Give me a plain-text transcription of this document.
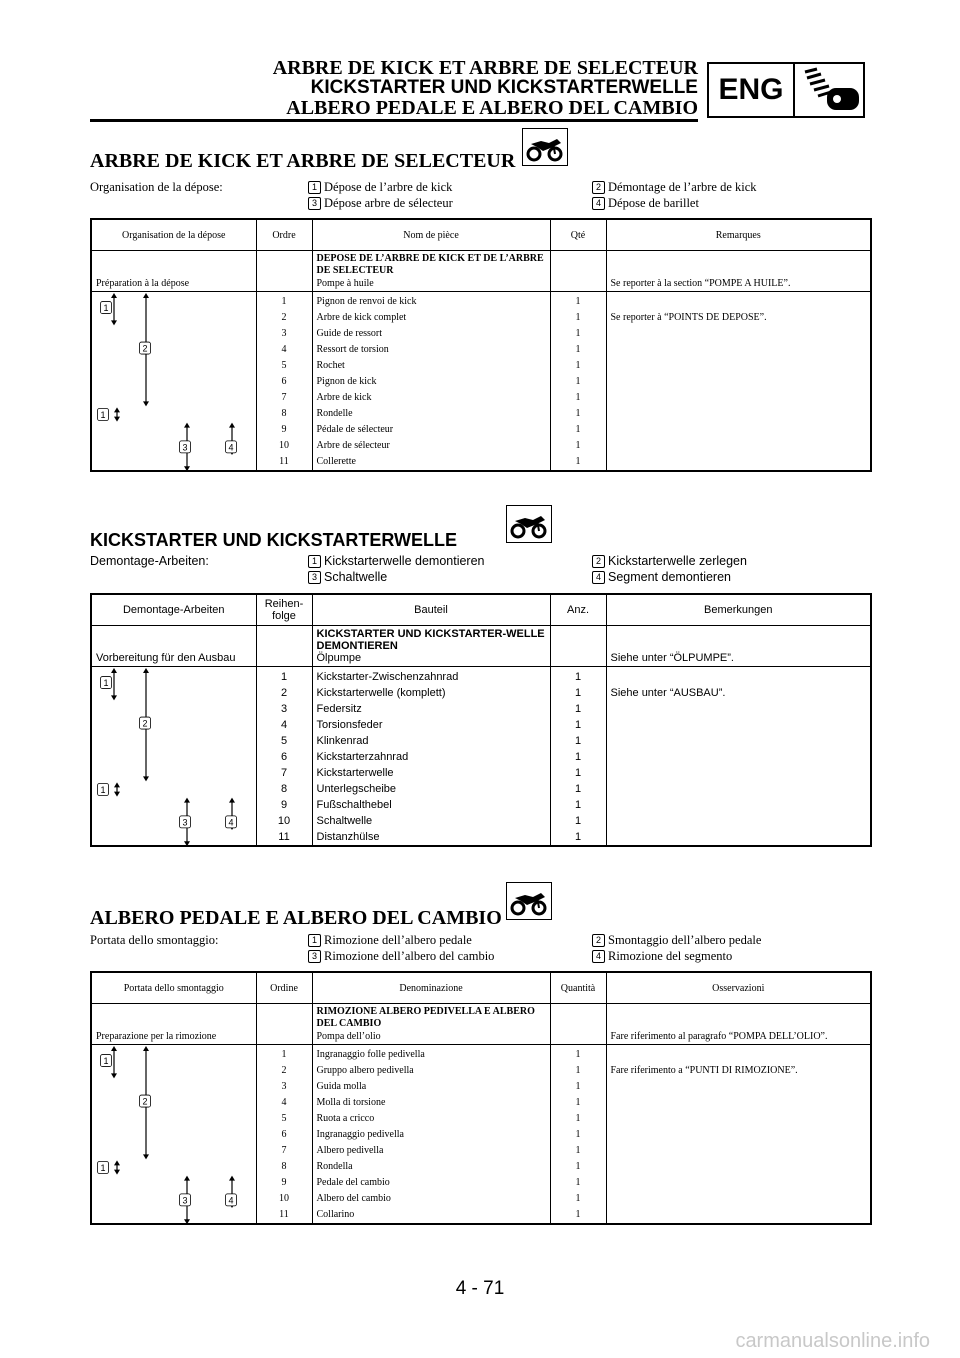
ARBRE DE KICK ET ARBRE DE SELECTEUR
KICKSTARTER UND KICKSTARTERWELLE
ALBERO PEDALE E ALBERO DEL CAMBIO
ENG
ARBRE DE KICK ET ARBRE DE SELECTEUR
Organisation de la dépose:	1 Dépose de l’arbre de kick	2 Démontage de l’arbre de kick
3 Dépose arbre de sélecteur	4 Dépose de barillet
Organisation de la dépose	Ordre	Nom de pièce	Qté	Remarques

Préparation à la dépose		DEPOSE DE L’ARBRE DE KICK ET DE L’ARBRE DE SELECTEUR
Pompe à huile		Se reporter à la section “POMPE A HUILE”.

	1	Pignon de renvoi de kick	1	
	2	Arbre de kick complet	1	Se reporter à “POINTS DE DEPOSE”.
	3	Guide de ressort	1	
	4	Ressort de torsion	1	
	5	Rochet	1	
	6	Pignon de kick	1	
	7	Arbre de kick	1	
	8	Rondelle	1	
	9	Pédale de sélecteur	1	
	10	Arbre de sélecteur	1	
	11	Collerette	1	
1
2
1
3	4
KICKSTARTER UND KICKSTARTERWELLE
Demontage-Arbeiten:	1 Kickstarterwelle demontieren	2 Kickstarterwelle zerlegen
3 Schaltwelle	4 Segment demontieren
Demontage-Arbeiten	Reihen-folge	Bauteil	Anz.	Bemerkungen

Vorbereitung für den Ausbau		KICKSTARTER UND KICKSTARTER-WELLE DEMONTIEREN
Ölpumpe		Siehe unter “ÖLPUMPE”.

	1	Kickstarter-Zwischenzahnrad	1	
	2	Kickstarterwelle (komplett)	1	Siehe unter “AUSBAU”.
	3	Federsitz	1	
	4	Torsionsfeder	1	
	5	Klinkenrad	1	
	6	Kickstarterzahnrad	1	
	7	Kickstarterwelle	1	
	8	Unterlegscheibe	1	
	9	Fußschalthebel	1	
	10	Schaltwelle	1	
	11	Distanzhülse	1	
1
2
1
3	4
ALBERO PEDALE E ALBERO DEL CAMBIO
Portata dello smontaggio:	1 Rimozione dell’albero pedale	2 Smontaggio dell’albero pedale
3 Rimozione dell’albero del cambio	4 Rimozione del segmento
Portata dello smontaggio	Ordine	Denominazione	Quantità	Osservazioni

Preparazione per la rimozione		RIMOZIONE ALBERO PEDIVELLA E ALBERO DEL CAMBIO
Pompa dell’olio		Fare riferimento al paragrafo “POMPA DELL’OLIO”.

	1	Ingranaggio folle pedivella	1	
	2	Gruppo albero pedivella	1	Fare riferimento a “PUNTI DI RIMOZIONE”.
	3	Guida molla	1	
	4	Molla di torsione	1	
	5	Ruota a cricco	1	
	6	Ingranaggio pedivella	1	
	7	Albero pedivella	1	
	8	Rondella	1	
	9	Pedale del cambio	1	
	10	Albero del cambio	1	
	11	Collarino	1	
1
2
1
3	4
4 - 71
carmanualsonline.info
